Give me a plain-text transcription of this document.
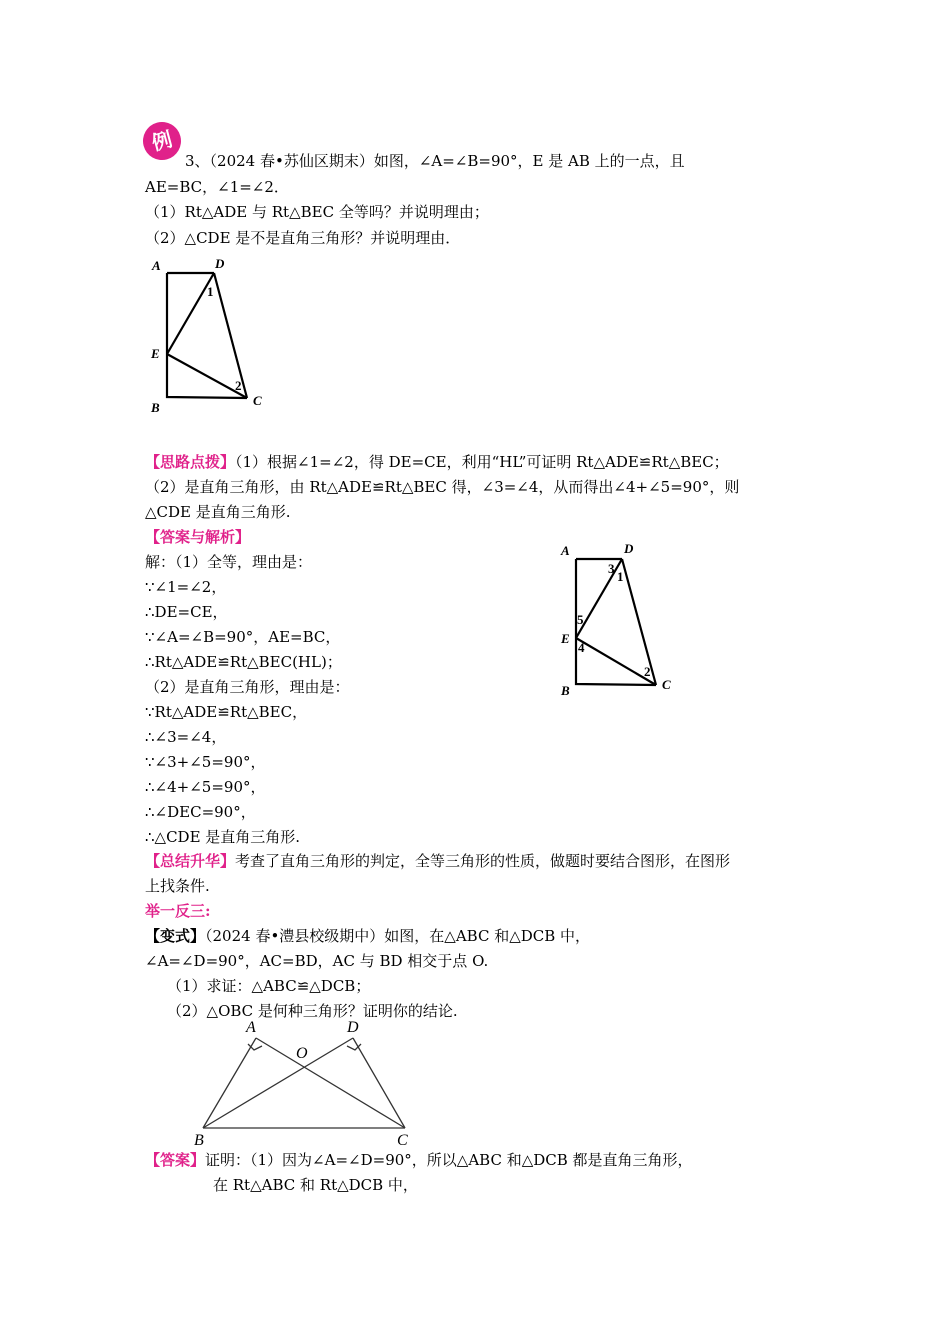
例
3、（2024 春•苏仙区期末）如图，∠A=∠B=90°，E 是 AB 上的一点，且
AE=BC，∠1=∠2．
（1）Rt△ADE 与 Rt△BEC 全等吗？并说明理由；
（2）△CDE 是不是直角三角形？并说明理由．
A	D
1
E
2
B	C
【思路点拨】（1）根据∠1=∠2，得 DE=CE，利用“HL”可证明 Rt△ADE≌Rt△BEC；
（2）是直角三角形，由 Rt△ADE≌Rt△BEC 得，∠3=∠4，从而得出∠4+∠5=90°，则
△CDE 是直角三角形.
【答案与解析】
解：（1）全等，理由是：
∵∠1=∠2，
∴DE=CE，
∵∠A=∠B=90°，AE=BC，
∴Rt△ADE≌Rt△BEC(HL)；
（2）是直角三角形，理由是：
∵Rt△ADE≌Rt△BEC，
∴∠3=∠4，
∵∠3+∠5=90°，
∴∠4+∠5=90°，
∴∠DEC=90°，
∴△CDE 是直角三角形.
A	D
3
1
5
E
4
2
B	C
【总结升华】考查了直角三角形的判定，全等三角形的性质，做题时要结合图形，在图形
上找条件.
举一反三:
【变式】（2024 春•澧县校级期中）如图，在△ABC 和△DCB 中，
∠A=∠D=90°，AC=BD，AC 与 BD 相交于点 O.
（1）求证：△ABC≌△DCB；
（2）△OBC 是何种三角形？证明你的结论.
A	D
O
B	C
【答案】证明：（1）因为∠A=∠D=90°，所以△ABC 和△DCB 都是直角三角形，
在 Rt△ABC 和 Rt△DCB 中，
